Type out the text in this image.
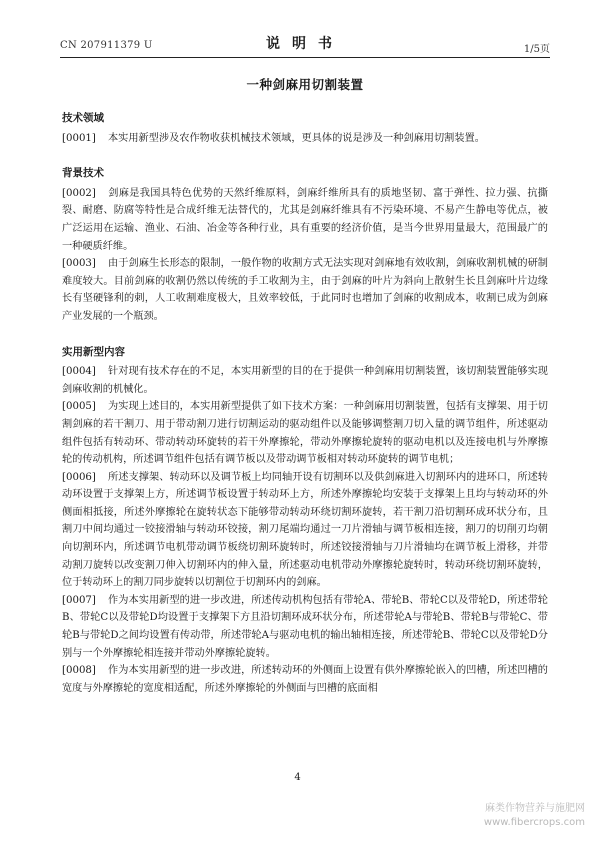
CN 207911379 U	说明书	1/5页
一种剑麻用切割装置
技术领域

[0001] 本实用新型涉及农作物收获机械技术领域，更具体的说是涉及一种剑麻用切割装置。

背景技术

[0002] 剑麻是我国具特色优势的天然纤维原料，剑麻纤维所具有的质地坚韧、富于弹性、拉力强、抗撕裂、耐磨、防腐等特性是合成纤维无法替代的，尤其是剑麻纤维具有不污染环境、不易产生静电等优点，被广泛运用在运输、渔业、石油、冶金等各种行业，具有重要的经济价值，是当今世界用量最大，范围最广的一种硬质纤维。

[0003] 由于剑麻生长形态的限制，一般作物的收割方式无法实现对剑麻地有效收割，剑麻收割机械的研制难度较大。目前剑麻的收割仍然以传统的手工收割为主，由于剑麻的叶片为斜向上散射生长且剑麻叶片边缘长有坚硬锋利的刺，人工收割难度极大，且效率较低，于此同时也增加了剑麻的收割成本，收割已成为剑麻产业发展的一个瓶颈。

实用新型内容

[0004] 针对现有技术存在的不足，本实用新型的目的在于提供一种剑麻用切割装置，该切割装置能够实现剑麻收割的机械化。

[0005] 为实现上述目的，本实用新型提供了如下技术方案：一种剑麻用切割装置，包括有支撑架、用于切割剑麻的若干割刀、用于带动割刀进行切割运动的驱动组件以及能够调整割刀切入量的调节组件，所述驱动组件包括有转动环、带动转动环旋转的若干外摩擦轮，带动外摩擦轮旋转的驱动电机以及连接电机与外摩擦轮的传动机构，所述调节组件包括有调节板以及带动调节板相对转动环旋转的调节电机；

[0006] 所述支撑架、转动环以及调节板上均同轴开设有切割环以及供剑麻进入切割环内的进环口，所述转动环设置于支撑架上方，所述调节板设置于转动环上方，所述外摩擦轮均安装于支撑架上且均与转动环的外侧面相抵接，所述外摩擦轮在旋转状态下能够带动转动环绕切割环旋转，若干割刀沿切割环成环状分布，且割刀中间均通过一铰接滑轴与转动环铰接，割刀尾端均通过一刀片滑轴与调节板相连接，割刀的切削刃均朝向切割环内，所述调节电机带动调节板绕切割环旋转时，所述铰接滑轴与刀片滑轴均在调节板上滑移，并带动割刀旋转以改变割刀伸入切割环内的伸入量，所述驱动电机带动外摩擦轮旋转时，转动环绕切割环旋转，位于转动环上的割刀同步旋转以切割位于切割环内的剑麻。

[0007] 作为本实用新型的进一步改进，所述传动机构包括有带轮A、带轮B、带轮C以及带轮D，所述带轮B、带轮C以及带轮D均设置于支撑架下方且沿切割环成环状分布，所述带轮A与带轮B、带轮B与带轮C、带轮B与带轮D之间均设置有传动带，所述带轮A与驱动电机的输出轴相连接，所述带轮B、带轮C以及带轮D分别与一个外摩擦轮相连接并带动外摩擦轮旋转。

[0008] 作为本实用新型的进一步改进，所述转动环的外侧面上设置有供外摩擦轮嵌入的凹槽，所述凹槽的宽度与外摩擦轮的宽度相适配，所述外摩擦轮的外侧面与凹槽的底面相

4
麻类作物营养与施肥网
www.fibercrops.com
